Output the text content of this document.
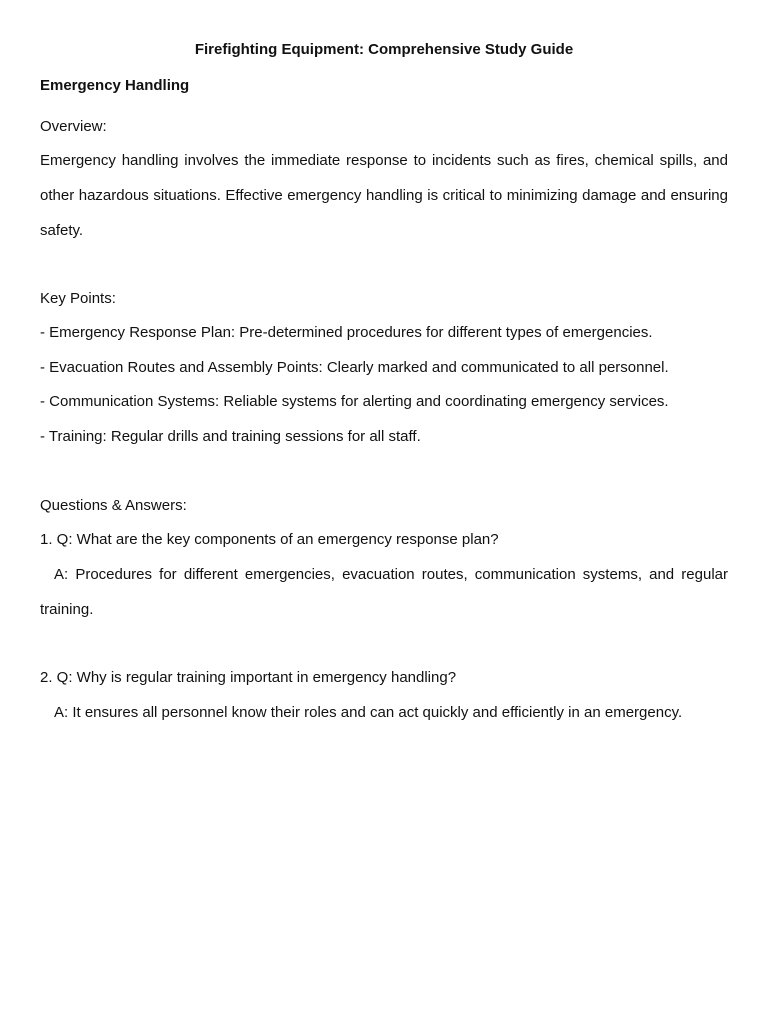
Firefighting Equipment: Comprehensive Study Guide
Emergency Handling
Overview:
Emergency handling involves the immediate response to incidents such as fires, chemical spills, and other hazardous situations. Effective emergency handling is critical to minimizing damage and ensuring safety.
Key Points:
- Emergency Response Plan: Pre-determined procedures for different types of emergencies.
- Evacuation Routes and Assembly Points: Clearly marked and communicated to all personnel.
- Communication Systems: Reliable systems for alerting and coordinating emergency services.
- Training: Regular drills and training sessions for all staff.
Questions & Answers:
1. Q: What are the key components of an emergency response plan?
A: Procedures for different emergencies, evacuation routes, communication systems, and regular training.
2. Q: Why is regular training important in emergency handling?
A: It ensures all personnel know their roles and can act quickly and efficiently in an emergency.
